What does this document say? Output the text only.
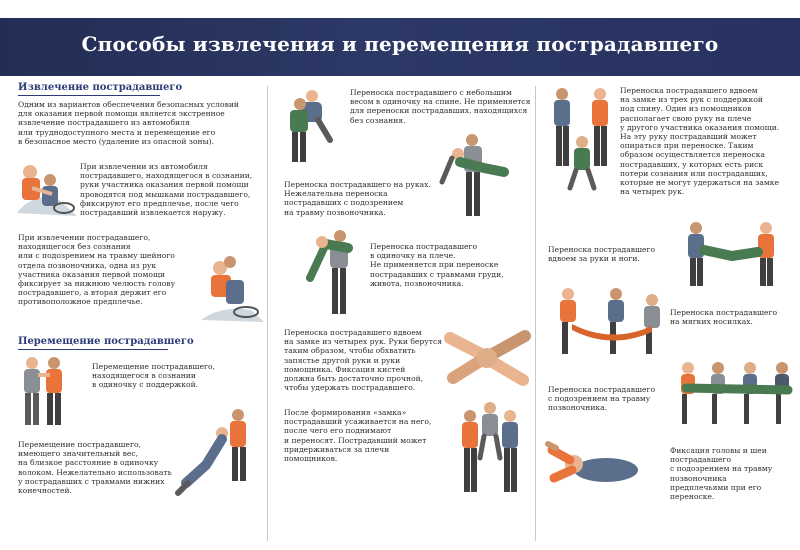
Способы извлечения и перемещения пострадавшего
Извлечение пострадавшего
Одним из вариантов обеспечения безопасных условий
для оказания первой помощи является экстренное
извлечение пострадавшего из автомобиля
или труднодоступного места и перемещение его
в безопасное место (удаление из опасной зоны).
При извлечении из автомобиля
пострадавшего, находящегося в сознании,
руки участника оказания первой помощи
проводятся под мышками пострадавшего,
фиксируют его предплечье, после чего
пострадавший извлекается наружу.
При извлечении пострадавшего,
находящегося без сознания
или с подозрением на травму шейного
отдела позвоночника, одна из рук
участника оказания первой помощи
фиксирует за нижнюю челюсть голову
пострадавшего, а вторая держит его
противоположное предплечье.
Перемещение пострадавшего
Перемещение пострадавшего,
находящегося в сознании
в одиночку с поддержкой.
Перемещение пострадавшего,
имеющего значительный вес,
на близкое расстояние в одиночку
волоком. Нежелательно использовать
у пострадавших с травмами нижних
конечностей.
Переноска пострадавшего с небольшим
весом в одиночку на спине. Не применяется
для переноски пострадавших, находящихся
без сознания.
Переноска пострадавшего на руках.
Нежелательна переноска
пострадавших с подозрением
на травму позвоночника.
Переноска пострадавшего
в одиночку на плече.
Не применяется при переноске
пострадавших с травмами груди,
живота, позвоночника.
Переноска пострадавшего вдвоем
на замке из четырех рук. Руки берутся
таким образом, чтобы обхватить
запястье другой руки и руки
помощника. Фиксация кистей
должна быть достаточно прочной,
чтобы удержать пострадавшего.
После формирования «замка»
пострадавший усаживается на него,
после чего его поднимают
и переносят. Пострадавший может
придерживаться за плечи
помощников.
Переноска пострадавшего вдвоем
на замке из трех рук с поддержкой
под спину. Один из помощников
располагает свою руку на плече
у другого участника оказания помощи.
На эту руку пострадавший может
опираться при переноске. Таким
образом осуществляется переноска
пострадавших, у которых есть риск
потери сознания или пострадавших,
которые не могут удержаться на замке
на четырех рук.
Переноска пострадавшего
вдвоем за руки и ноги.
Переноска пострадавшего
на мягких носилках.
Переноска пострадавшего
с подозрением на травму
позвоночника.
Фиксация головы и шеи
пострадавшего
с подозрением на травму
позвоночника
предплечьями при его
переноске.
